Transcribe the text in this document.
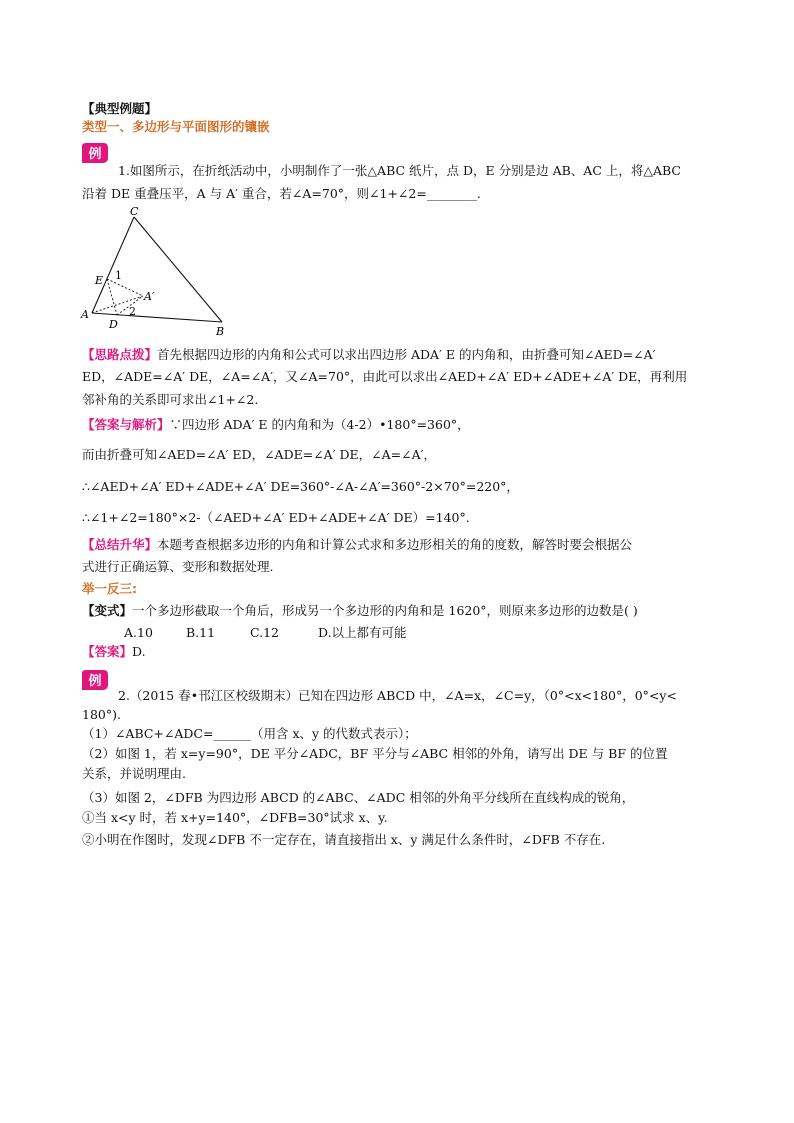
【典型例题】
类型一、多边形与平面图形的镶嵌
例
1.如图所示，在折纸活动中，小明制作了一张△ABC 纸片，点 D，E 分别是边 AB、AC 上，将△ABC
沿着 DE 重叠压平，A 与 A′ 重合，若∠A=70°，则∠1+∠2=________.
C
E 1
A′
2
A
D
B
【思路点拨】首先根据四边形的内角和公式可以求出四边形 ADA′ E 的内角和，由折叠可知∠AED=∠A′
ED，∠ADE=∠A′ DE，∠A=∠A′，又∠A=70°，由此可以求出∠AED+∠A′ ED+∠ADE+∠A′ DE，再利用
邻补角的关系即可求出∠1+∠2.
【答案与解析】∵四边形 ADA′ E 的内角和为（4-2）•180°=360°，
而由折叠可知∠AED=∠A′ ED，∠ADE=∠A′ DE，∠A=∠A′，
∴∠AED+∠A′ ED+∠ADE+∠A′ DE=360°-∠A-∠A′=360°-2×70°=220°，
∴∠1+∠2=180°×2-（∠AED+∠A′ ED+∠ADE+∠A′ DE）=140°.
【总结升华】本题考查根据多边形的内角和计算公式求和多边形相关的角的度数，解答时要会根据公
式进行正确运算、变形和数据处理.
举一反三:
【变式】一个多边形截取一个角后，形成另一个多边形的内角和是 1620°，则原来多边形的边数是( )
A.10	B.11	C.12	D.以上都有可能
【答案】D.
例
2.（2015 春•邗江区校级期末）已知在四边形 ABCD 中，∠A=x，∠C=y，（0°<x<180°，0°<y<
180°).
（1）∠ABC+∠ADC=______（用含 x、y 的代数式表示）；
（2）如图 1，若 x=y=90°，DE 平分∠ADC，BF 平分与∠ABC 相邻的外角，请写出 DE 与 BF 的位置
关系，并说明理由.
（3）如图 2，∠DFB 为四边形 ABCD 的∠ABC、∠ADC 相邻的外角平分线所在直线构成的锐角，
①当 x<y 时，若 x+y=140°，∠DFB=30°试求 x、y.
②小明在作图时，发现∠DFB 不一定存在，请直接指出 x、y 满足什么条件时，∠DFB 不存在.
